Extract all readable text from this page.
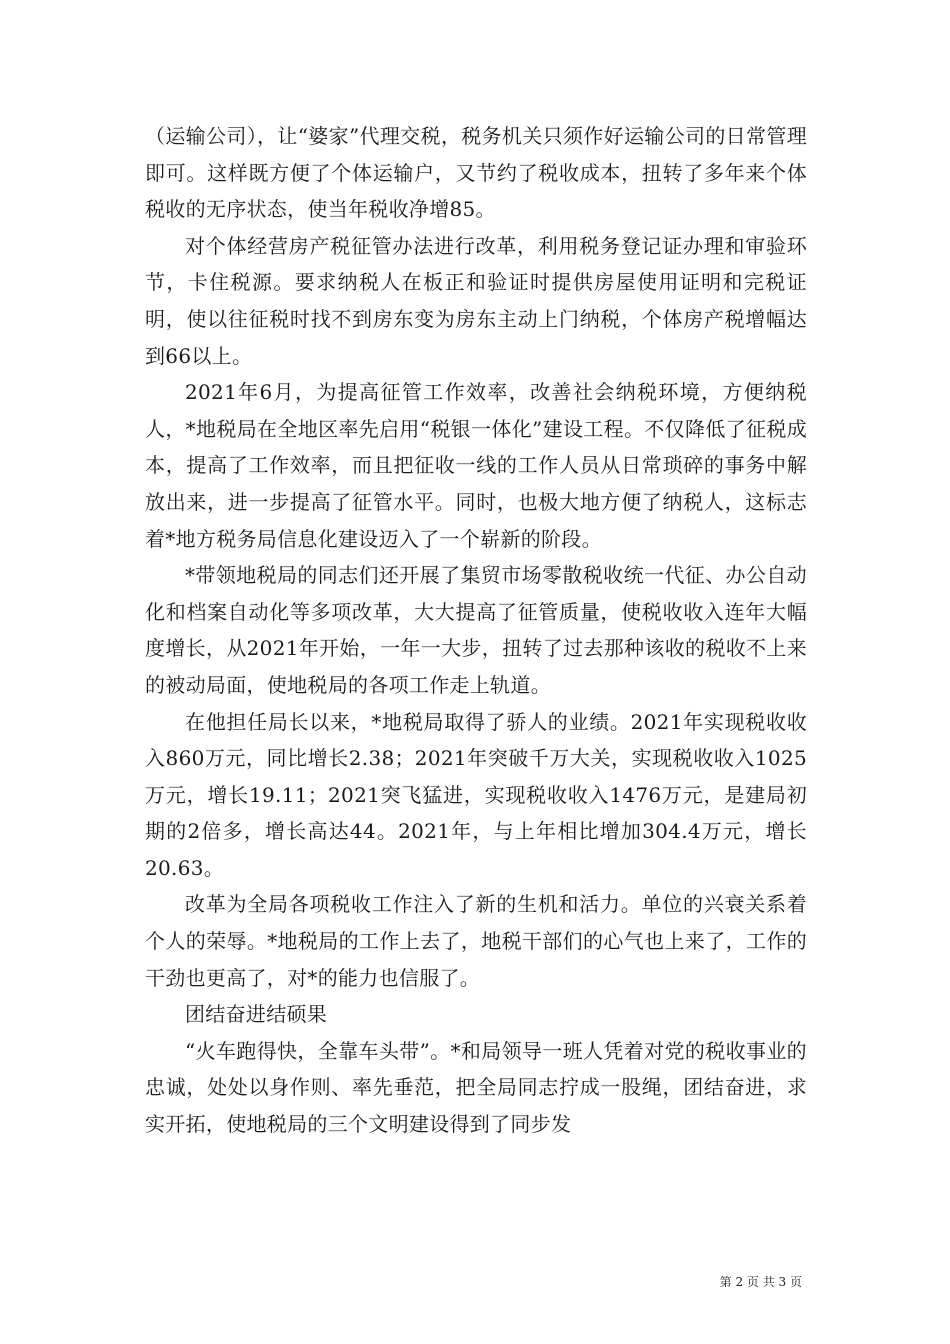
（运输公司），让“婆家”代理交税，税务机关只须作好运输公司的日常管理即可。这样既方便了个体运输户，又节约了税收成本，扭转了多年来个体税收的无序状态，使当年税收净增85。

对个体经营房产税征管办法进行改革，利用税务登记证办理和审验环节，卡住税源。要求纳税人在板正和验证时提供房屋使用证明和完税证明，使以往征税时找不到房东变为房东主动上门纳税，个体房产税增幅达到66以上。

2021年6月，为提高征管工作效率，改善社会纳税环境，方便纳税人，*地税局在全地区率先启用“税银一体化”建设工程。不仅降低了征税成本，提高了工作效率，而且把征收一线的工作人员从日常琐碎的事务中解放出来，进一步提高了征管水平。同时，也极大地方便了纳税人，这标志着*地方税务局信息化建设迈入了一个崭新的阶段。

*带领地税局的同志们还开展了集贸市场零散税收统一代征、办公自动化和档案自动化等多项改革，大大提高了征管质量，使税收收入连年大幅度增长，从2021年开始，一年一大步，扭转了过去那种该收的税收不上来的被动局面，使地税局的各项工作走上轨道。

在他担任局长以来，*地税局取得了骄人的业绩。2021年实现税收收入860万元，同比增长2.38；2021年突破千万大关，实现税收收入1025万元，增长19.11；2021突飞猛进，实现税收收入1476万元，是建局初期的2倍多，增长高达44。2021年，与上年相比增加304.4万元，增长20.63。

改革为全局各项税收工作注入了新的生机和活力。单位的兴衰关系着个人的荣辱。*地税局的工作上去了，地税干部们的心气也上来了，工作的干劲也更高了，对*的能力也信服了。

团结奋进结硕果

“火车跑得快，全靠车头带”。*和局领导一班人凭着对党的税收事业的忠诚，处处以身作则、率先垂范，把全局同志拧成一股绳，团结奋进，求实开拓，使地税局的三个文明建设得到了同步发

第 2 页 共 3 页
